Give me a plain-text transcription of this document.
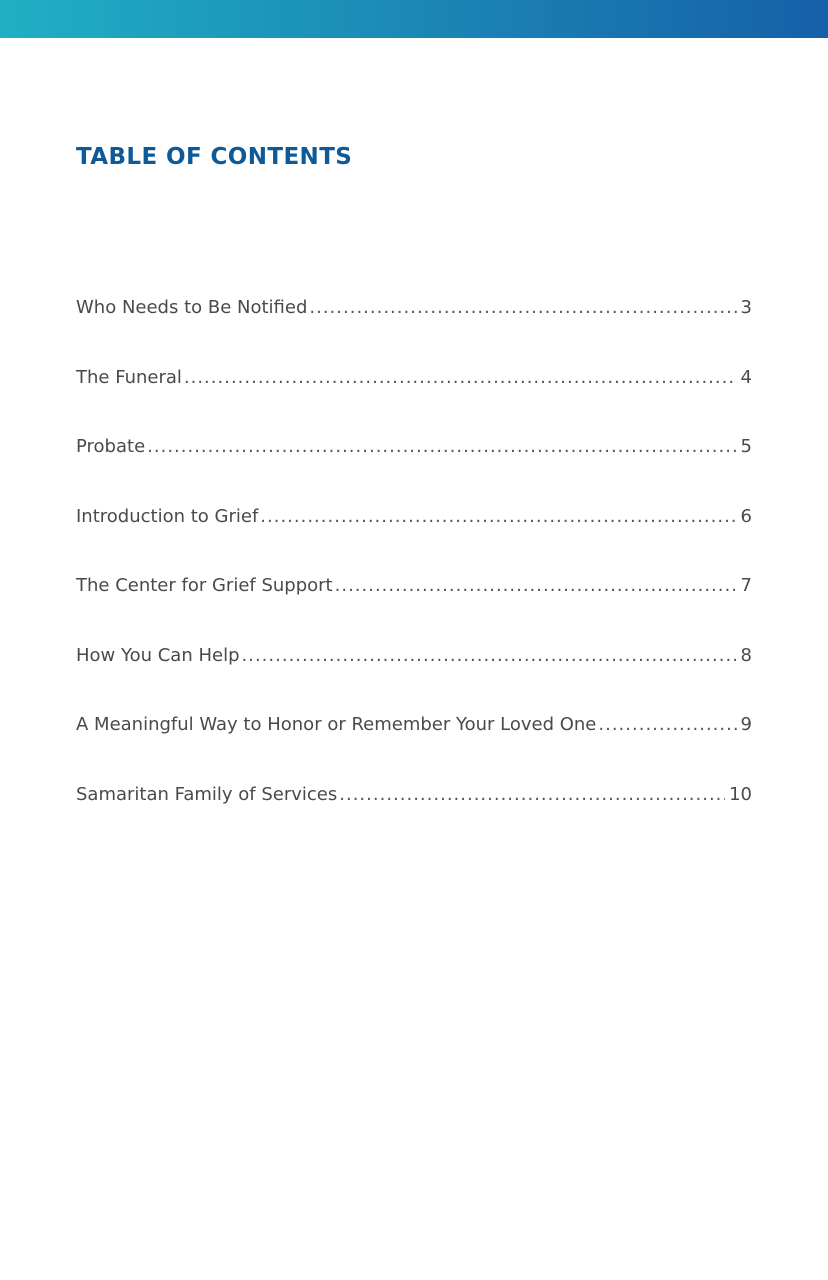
TABLE OF CONTENTS
Who Needs to Be Notified .....	3
The Funeral .....	4
Probate .....	5
Introduction to Grief .....	6
The Center for Grief Support .....	7
How You Can Help .....	8
A Meaningful Way to Honor or Remember Your Loved One .....	9
Samaritan Family of Services .....	10
